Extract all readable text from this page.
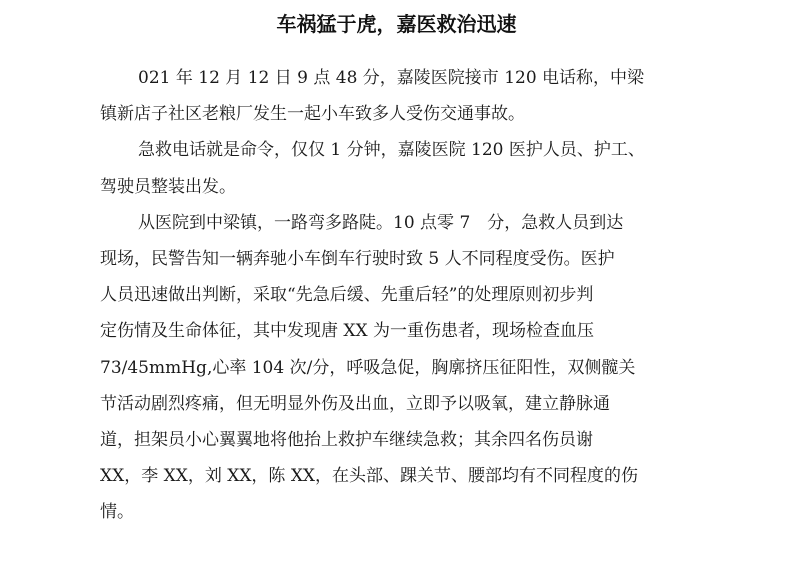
车祸猛于虎，嘉医救治迅速
021 年 12 月 12 日 9 点 48 分，嘉陵医院接市 120 电话称，中梁
镇新店子社区老粮厂发生一起小车致多人受伤交通事故。
急救电话就是命令，仅仅 1 分钟，嘉陵医院 120 医护人员、护工、
驾驶员整装出发。
从医院到中梁镇，一路弯多路陡。10 点零 7　分，急救人员到达
现场，民警告知一辆奔驰小车倒车行驶时致 5 人不同程度受伤。医护
人员迅速做出判断，采取“先急后缓、先重后轻”的处理原则初步判
定伤情及生命体征，其中发现唐 XX 为一重伤患者，现场检查血压
73/45mmHg,心率 104 次/分，呼吸急促，胸廓挤压征阳性，双侧髋关
节活动剧烈疼痛，但无明显外伤及出血，立即予以吸氧，建立静脉通
道，担架员小心翼翼地将他抬上救护车继续急救；其余四名伤员谢
XX，李 XX，刘 XX，陈 XX，在头部、踝关节、腰部均有不同程度的伤
情。
